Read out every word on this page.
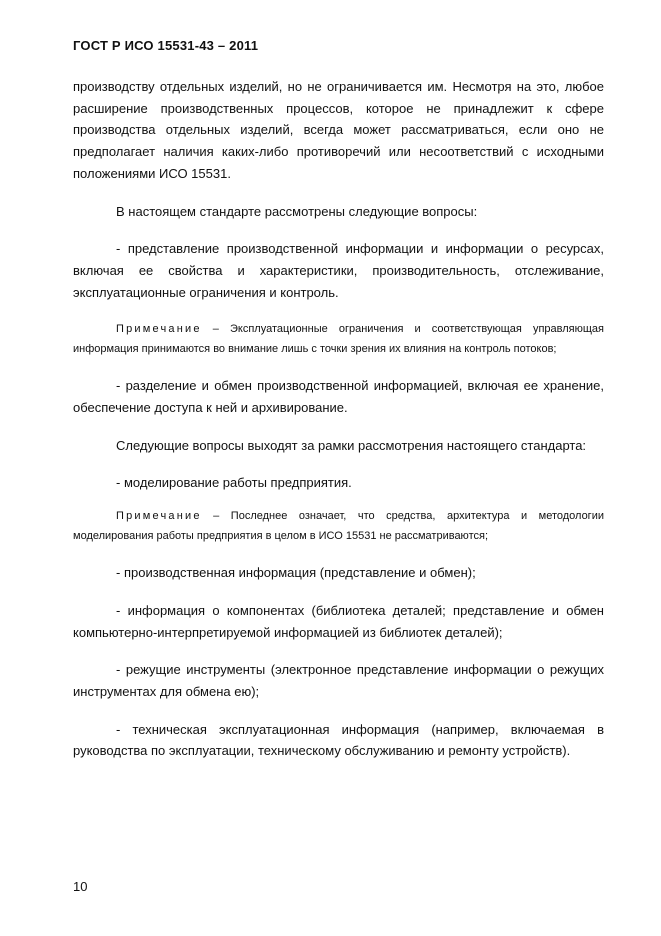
ГОСТ Р ИСО 15531-43 – 2011

производству отдельных изделий, но не ограничивается им. Несмотря на это, любое расширение производственных процессов, которое не принадлежит к сфере производства отдельных изделий, всегда может рассматриваться, если оно не предполагает наличия каких-либо противоречий или несоответствий с исходными положениями ИСО 15531.

В настоящем стандарте рассмотрены следующие вопросы:

- представление производственной информации и информации о ресурсах, включая ее свойства и характеристики, производительность, отслеживание, эксплуатационные ограничения и контроль.

Примечание – Эксплуатационные ограничения и соответствующая управляющая информация принимаются во внимание лишь с точки зрения их влияния на контроль потоков;

- разделение и обмен производственной информацией, включая ее хранение, обеспечение доступа к ней и архивирование.

Следующие вопросы выходят за рамки рассмотрения настоящего стандарта:

- моделирование работы предприятия.

Примечание – Последнее означает, что средства, архитектура и методологии моделирования работы предприятия в целом в ИСО 15531 не рассматриваются;

- производственная информация (представление и обмен);

- информация о компонентах (библиотека деталей; представление и обмен компьютерно-интерпретируемой информацией из библиотек деталей);

- режущие инструменты (электронное представление информации о режущих инструментах для обмена ею);

- техническая эксплуатационная информация (например, включаемая в руководства по эксплуатации, техническому обслуживанию и ремонту устройств).

10
